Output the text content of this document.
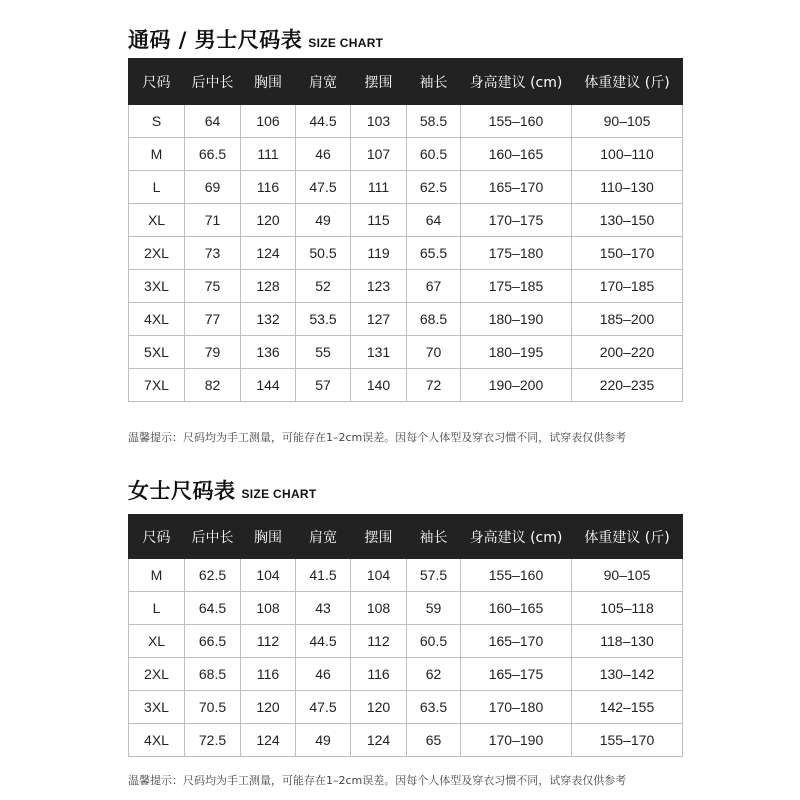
通码 / 男士尺码表 SIZE CHART
尺码	后中长	胸围	肩宽	摆围	袖长	身高建议 (cm)	体重建议 (斤)
S	64	106	44.5	103	58.5	155–160	90–105
M	66.5	111	46	107	60.5	160–165	100–110
L	69	116	47.5	111	62.5	165–170	110–130
XL	71	120	49	115	64	170–175	130–150
2XL	73	124	50.5	119	65.5	175–180	150–170
3XL	75	128	52	123	67	175–185	170–185
4XL	77	132	53.5	127	68.5	180–190	185–200
5XL	79	136	55	131	70	180–195	200–220
7XL	82	144	57	140	72	190–200	220–235
温馨提示：尺码均为手工测量，可能存在1–2cm误差。因每个人体型及穿衣习惯不同，试穿表仅供参考
女士尺码表 SIZE CHART
尺码	后中长	胸围	肩宽	摆围	袖长	身高建议 (cm)	体重建议 (斤)
M	62.5	104	41.5	104	57.5	155–160	90–105
L	64.5	108	43	108	59	160–165	105–118
XL	66.5	112	44.5	112	60.5	165–170	118–130
2XL	68.5	116	46	116	62	165–175	130–142
3XL	70.5	120	47.5	120	63.5	170–180	142–155
4XL	72.5	124	49	124	65	170–190	155–170
温馨提示：尺码均为手工测量，可能存在1–2cm误差。因每个人体型及穿衣习惯不同，试穿表仅供参考
